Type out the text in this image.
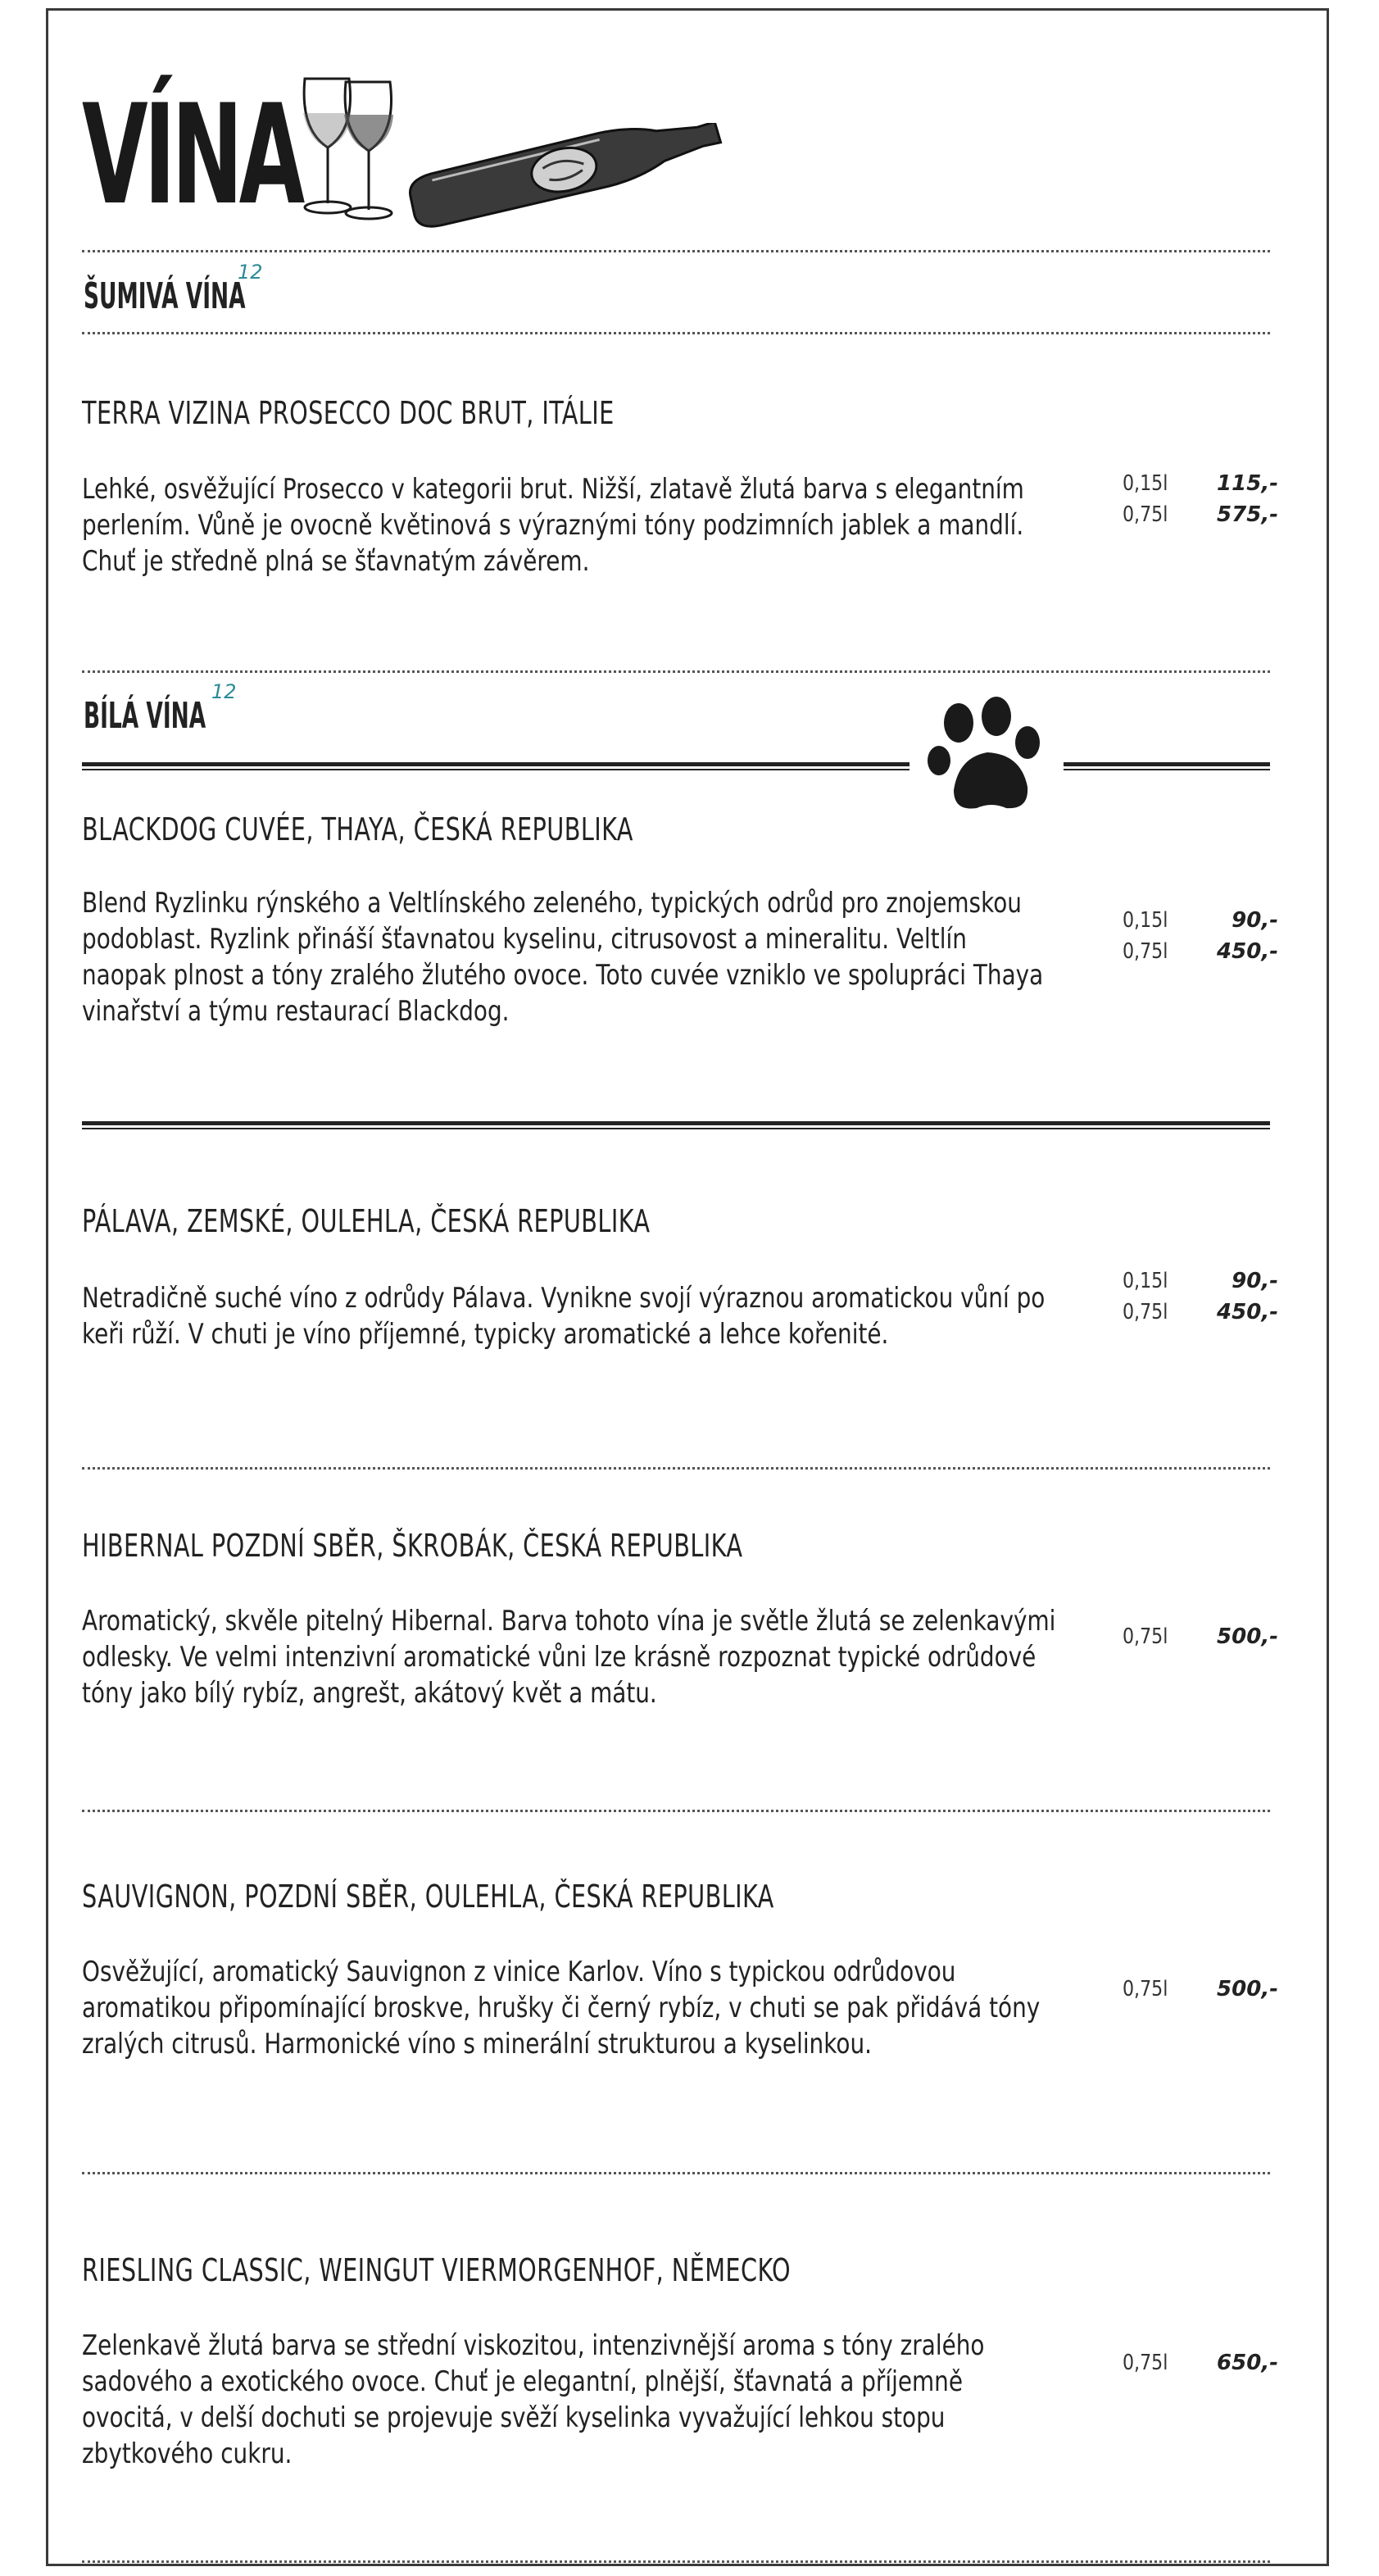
VÍNA
ŠUMIVÁ VÍNA
12
TERRA VIZINA PROSECCO DOC BRUT, ITÁLIE
Lehké, osvěžující Prosecco v kategorii brut. Nižší, zlatavě žlutá barva s elegantním perlením. Vůně je ovocně květinová s výraznými tóny podzimních jablek a mandlí. Chuť je středně plná se šťavnatým závěrem.
0,15l 115,-
0,75l 575,-
BÍLÁ VÍNA
12
BLACKDOG CUVÉE, THAYA, ČESKÁ REPUBLIKA
Blend Ryzlinku rýnského a Veltlínského zeleného, typických odrůd pro znojemskou podoblast. Ryzlink přináší šťavnatou kyselinu, citrusovost a mineralitu. Veltlín naopak plnost a tóny zralého žlutého ovoce. Toto cuvée vzniklo ve spolupráci Thaya vinařství a týmu restaurací Blackdog.
0,15l	90,-
0,75l 450,-
PÁLAVA, ZEMSKÉ, OULEHLA, ČESKÁ REPUBLIKA
Netradičně suché víno z odrůdy Pálava. Vynikne svojí výraznou aromatickou vůní po keři růží. V chuti je víno příjemné, typicky aromatické a lehce kořenité.
0,15l	90,-
0,75l 450,-
HIBERNAL POZDNÍ SBĚR, ŠKROBÁK, ČESKÁ REPUBLIKA
Aromatický, skvěle pitelný Hibernal. Barva tohoto vína je světle žlutá se zelenkavými odlesky. Ve velmi intenzivní aromatické vůni lze krásně rozpoznat typické odrůdové tóny jako bílý rybíz, angrešt, akátový květ a mátu.
0,75l 500,-
SAUVIGNON, POZDNÍ SBĚR, OULEHLA, ČESKÁ REPUBLIKA
Osvěžující, aromatický Sauvignon z vinice Karlov. Víno s typickou odrůdovou aromatikou připomínající broskve, hrušky či černý rybíz, v chuti se pak přidává tóny zralých citrusů. Harmonické víno s minerální strukturou a kyselinkou.
0,75l 500,-
RIESLING CLASSIC, WEINGUT VIERMORGENHOF, NĚMECKO
Zelenkavě žlutá barva se střední viskozitou, intenzivnější aroma s tóny zralého sadového a exotického ovoce. Chuť je elegantní, plnější, šťavnatá a příjemně ovocitá, v delší dochuti se projevuje svěží kyselinka vyvažující lehkou stopu zbytkového cukru.
0,75l 650,-
